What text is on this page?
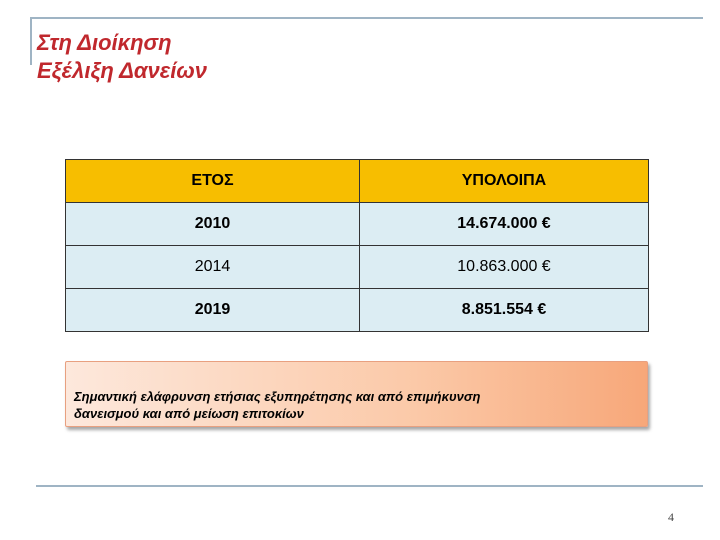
Στη Διοίκηση
Εξέλιξη Δανείων
ΕΤΟΣ	ΥΠΟΛΟΙΠΑ
2010	14.674.000 €
2014	10.863.000 €
2019	8.851.554 €
Σημαντική ελάφρυνση ετήσιας εξυπηρέτησης και από επιμήκυνση
δανεισμού και από μείωση επιτοκίων
4
